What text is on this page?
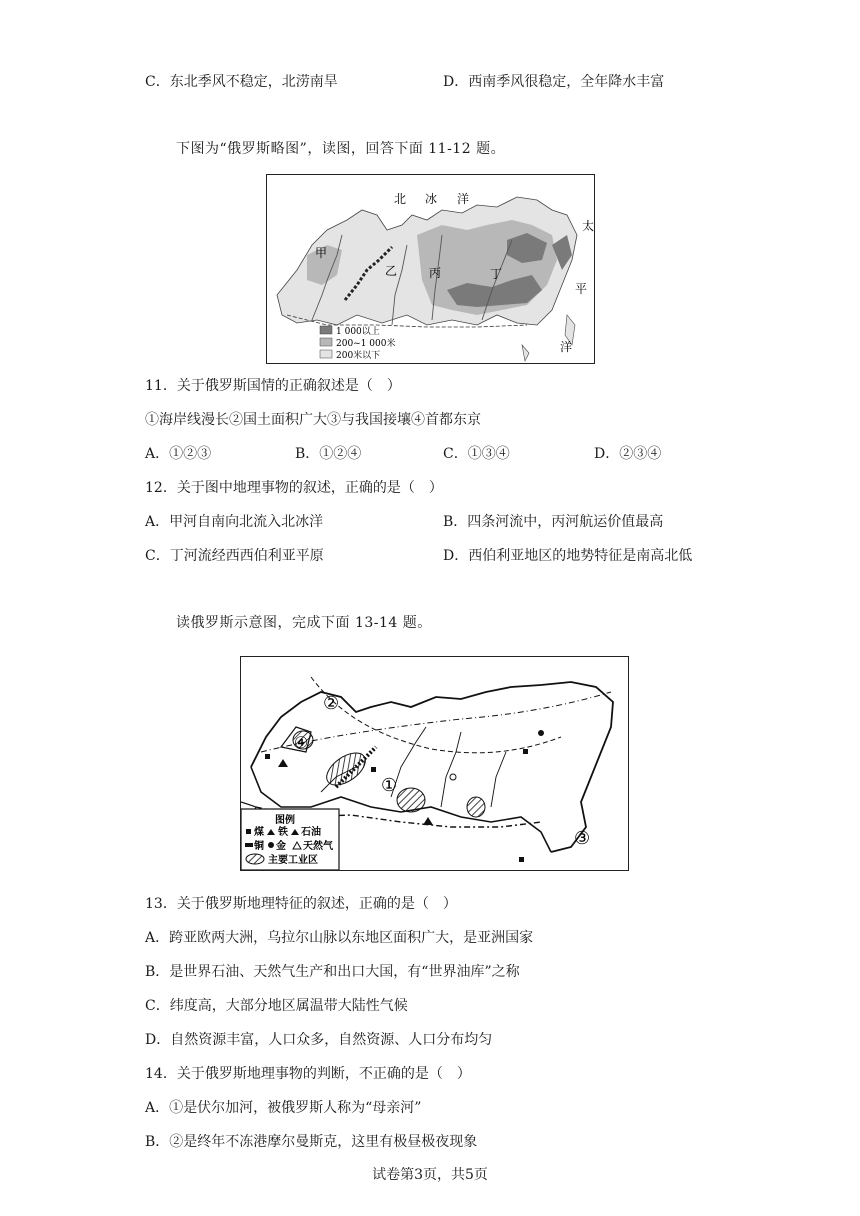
C．东北季风不稳定，北涝南旱	D．西南季风很稳定，全年降水丰富
下图为“俄罗斯略图”，读图，回答下面 11-12 题。
北 冰 洋
太
平
洋
甲
乙	丙	丁
1 000以上
200~1 000米
200米以下
11．关于俄罗斯国情的正确叙述是（　）
①海岸线漫长②国土面积广大③与我国接壤④首都东京
A．①②③	B．①②④	C．①③④	D．②③④
12．关于图中地理事物的叙述，正确的是（　）
A．甲河自南向北流入北冰洋	B．四条河流中，丙河航运价值最高
C．丁河流经西西伯利亚平原	D．西伯利亚地区的地势特征是南高北低
读俄罗斯示意图，完成下面 13-14 题。
①
②
③
④
图例
煤 铁 石油
铜 金 天然气
主要工业区
13．关于俄罗斯地理特征的叙述，正确的是（　）
A．跨亚欧两大洲，乌拉尔山脉以东地区面积广大，是亚洲国家
B．是世界石油、天然气生产和出口大国，有“世界油库”之称
C．纬度高，大部分地区属温带大陆性气候
D．自然资源丰富，人口众多，自然资源、人口分布均匀
14．关于俄罗斯地理事物的判断，不正确的是（　）
A．①是伏尔加河，被俄罗斯人称为“母亲河”
B．②是终年不冻港摩尔曼斯克，这里有极昼极夜现象
试卷第3页，共5页
